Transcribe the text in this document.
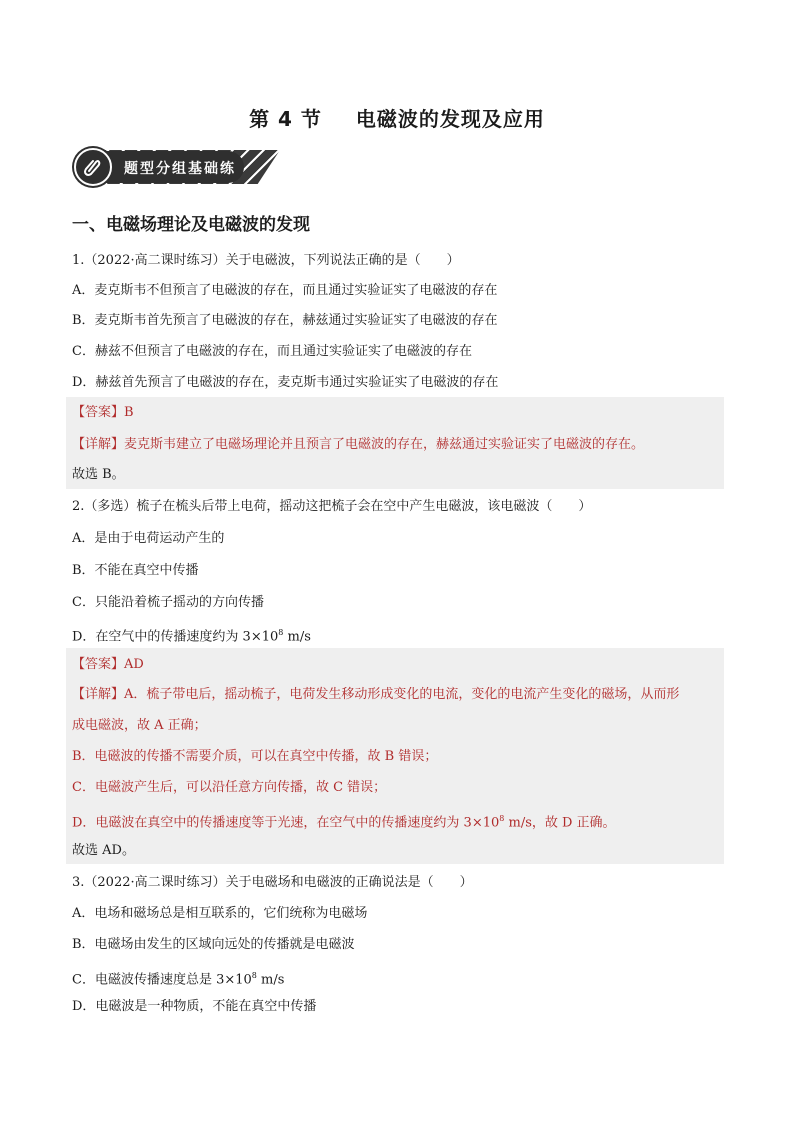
第 4 节 电磁波的发现及应用
题型分组基础练
一、电磁场理论及电磁波的发现
1.（2022·高二课时练习）关于电磁波，下列说法正确的是（　　）
A．麦克斯韦不但预言了电磁波的存在，而且通过实验证实了电磁波的存在
B．麦克斯韦首先预言了电磁波的存在，赫兹通过实验证实了电磁波的存在
C．赫兹不但预言了电磁波的存在，而且通过实验证实了电磁波的存在
D．赫兹首先预言了电磁波的存在，麦克斯韦通过实验证实了电磁波的存在
【答案】B
【详解】麦克斯韦建立了电磁场理论并且预言了电磁波的存在，赫兹通过实验证实了电磁波的存在。
故选 B。
2.（多选）梳子在梳头后带上电荷，摇动这把梳子会在空中产生电磁波，该电磁波（　　）
A．是由于电荷运动产生的
B．不能在真空中传播
C．只能沿着梳子摇动的方向传播
D．在空气中的传播速度约为 $3\times 10^8$ m/s
【答案】AD
【详解】A．梳子带电后，摇动梳子，电荷发生移动形成变化的电流，变化的电流产生变化的磁场，从而形
成电磁波，故 A 正确；
B．电磁波的传播不需要介质，可以在真空中传播，故 B 错误；
C．电磁波产生后，可以沿任意方向传播，故 C 错误；
D．电磁波在真空中的传播速度等于光速，在空气中的传播速度约为 $3\times 10^8$ m/s，故 D 正确。
故选 AD。
3.（2022·高二课时练习）关于电磁场和电磁波的正确说法是（　　）
A．电场和磁场总是相互联系的，它们统称为电磁场
B．电磁场由发生的区域向远处的传播就是电磁波
C．电磁波传播速度总是 $3\times 10^8$ m/s
D．电磁波是一种物质，不能在真空中传播
